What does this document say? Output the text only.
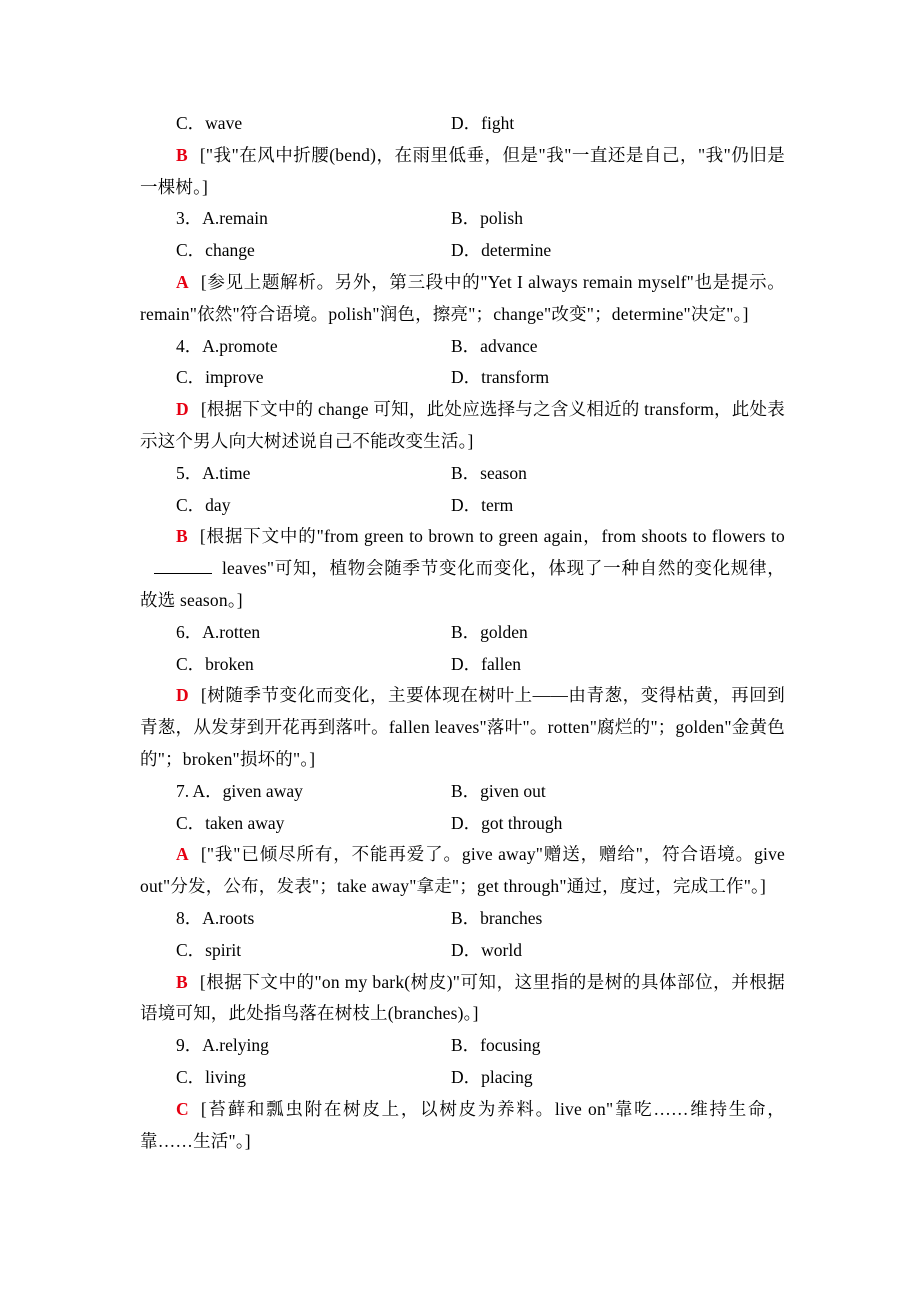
C．wave	D．fight
B ["我"在风中折腰(bend)，在雨里低垂，但是"我"一直还是自己，"我"仍旧是一棵树。]
3．A.remain	B．polish
C．change	D．determine
A [参见上题解析。另外，第三段中的"Yet I always remain myself"也是提示。remain"依然"符合语境。polish"润色，擦亮"；change"改变"；determine"决定"。]
4．A.promote	B．advance
C．improve	D．transform
D [根据下文中的 change 可知，此处应选择与之含义相近的 transform，此处表示这个男人向大树述说自己不能改变生活。]
5．A.time	B．season
C．day	D．term
B [根据下文中的"from green to brown to green again，from shoots to flowers toleaves"可知，植物会随季节变化而变化，体现了一种自然的变化规律，故选 season。]
6．A.rotten	B．golden
C．broken	D．fallen
D [树随季节变化而变化，主要体现在树叶上——由青葱，变得枯黄，再回到青葱，从发芽到开花再到落叶。fallen leaves"落叶"。rotten"腐烂的"；golden"金黄色的"；broken"损坏的"。]
7. A．given away	B．given out
C．taken away	D．got through
A ["我"已倾尽所有，不能再爱了。give away"赠送，赠给"，符合语境。give out"分发，公布，发表"；take away"拿走"；get through"通过，度过，完成工作"。]
8．A.roots	B．branches
C．spirit	D．world
B [根据下文中的"on my bark(树皮)"可知，这里指的是树的具体部位，并根据语境可知，此处指鸟落在树枝上(branches)。]
9．A.relying	B．focusing
C．living	D．placing
C [苔藓和瓢虫附在树皮上，以树皮为养料。live on"靠吃……维持生命，靠……生活"。]
